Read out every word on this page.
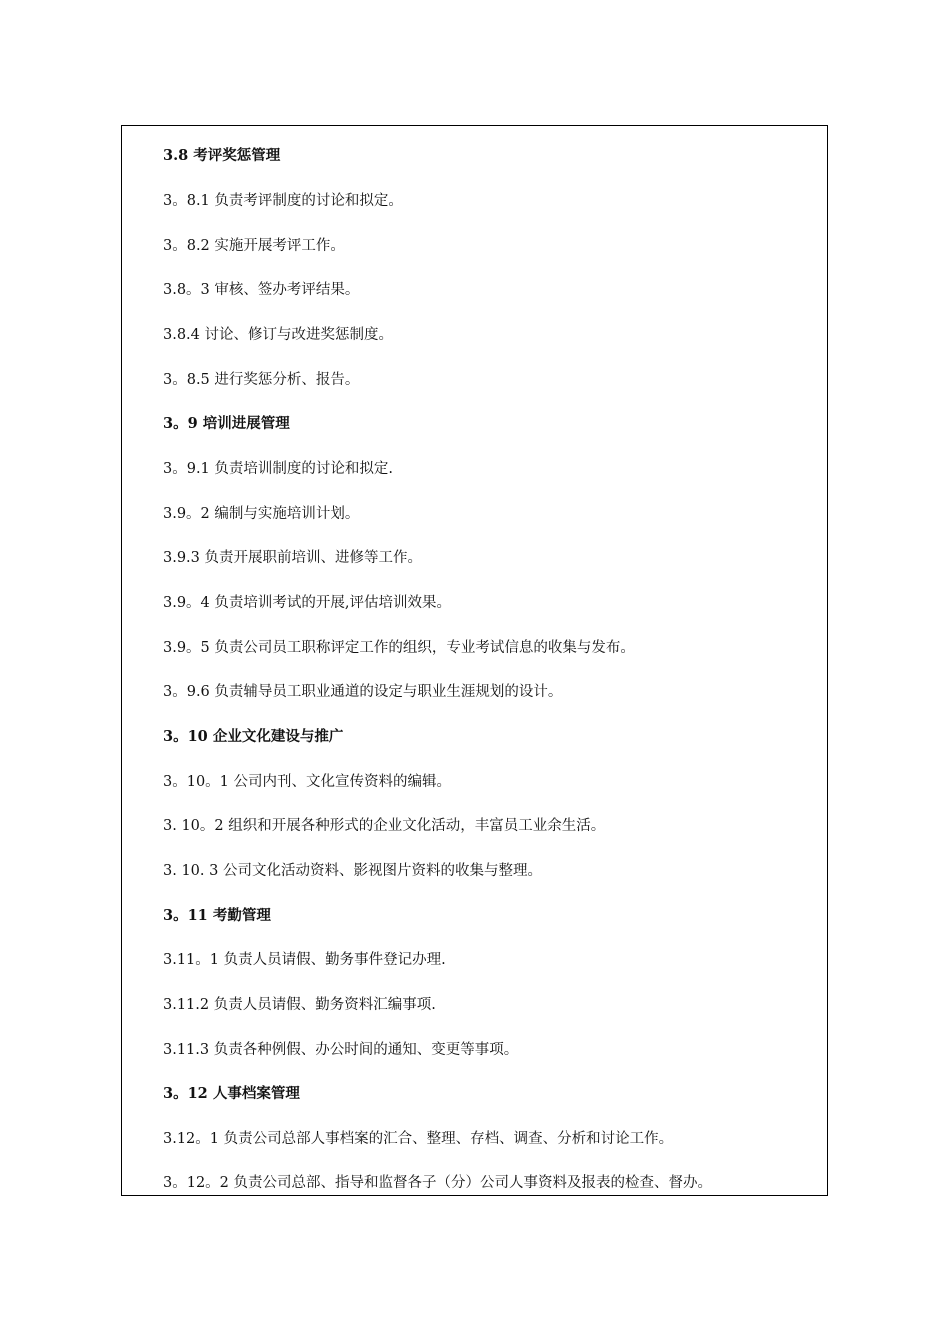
3.8 考评奖惩管理
3。8.1 负责考评制度的讨论和拟定。
3。8.2 实施开展考评工作。
3.8。3 审核、签办考评结果。
3.8.4 讨论、修订与改进奖惩制度。
3。8.5 进行奖惩分析、报告。
3。9 培训进展管理
3。9.1 负责培训制度的讨论和拟定.
3.9。2 编制与实施培训计划。
3.9.3 负责开展职前培训、进修等工作。
3.9。4 负责培训考试的开展,评估培训效果。
3.9。5 负责公司员工职称评定工作的组织，专业考试信息的收集与发布。
3。9.6 负责辅导员工职业通道的设定与职业生涯规划的设计。
3。10 企业文化建设与推广
3。10。1 公司内刊、文化宣传资料的编辑。
3. 10。2 组织和开展各种形式的企业文化活动，丰富员工业余生活。
3. 10. 3 公司文化活动资料、影视图片资料的收集与整理。
3。11 考勤管理
3.11。1 负责人员请假、勤务事件登记办理.
3.11.2 负责人员请假、勤务资料汇编事项.
3.11.3 负责各种例假、办公时间的通知、变更等事项。
3。12 人事档案管理
3.12。1 负责公司总部人事档案的汇合、整理、存档、调查、分析和讨论工作。
3。12。2 负责公司总部、指导和监督各子（分）公司人事资料及报表的检查、督办。
